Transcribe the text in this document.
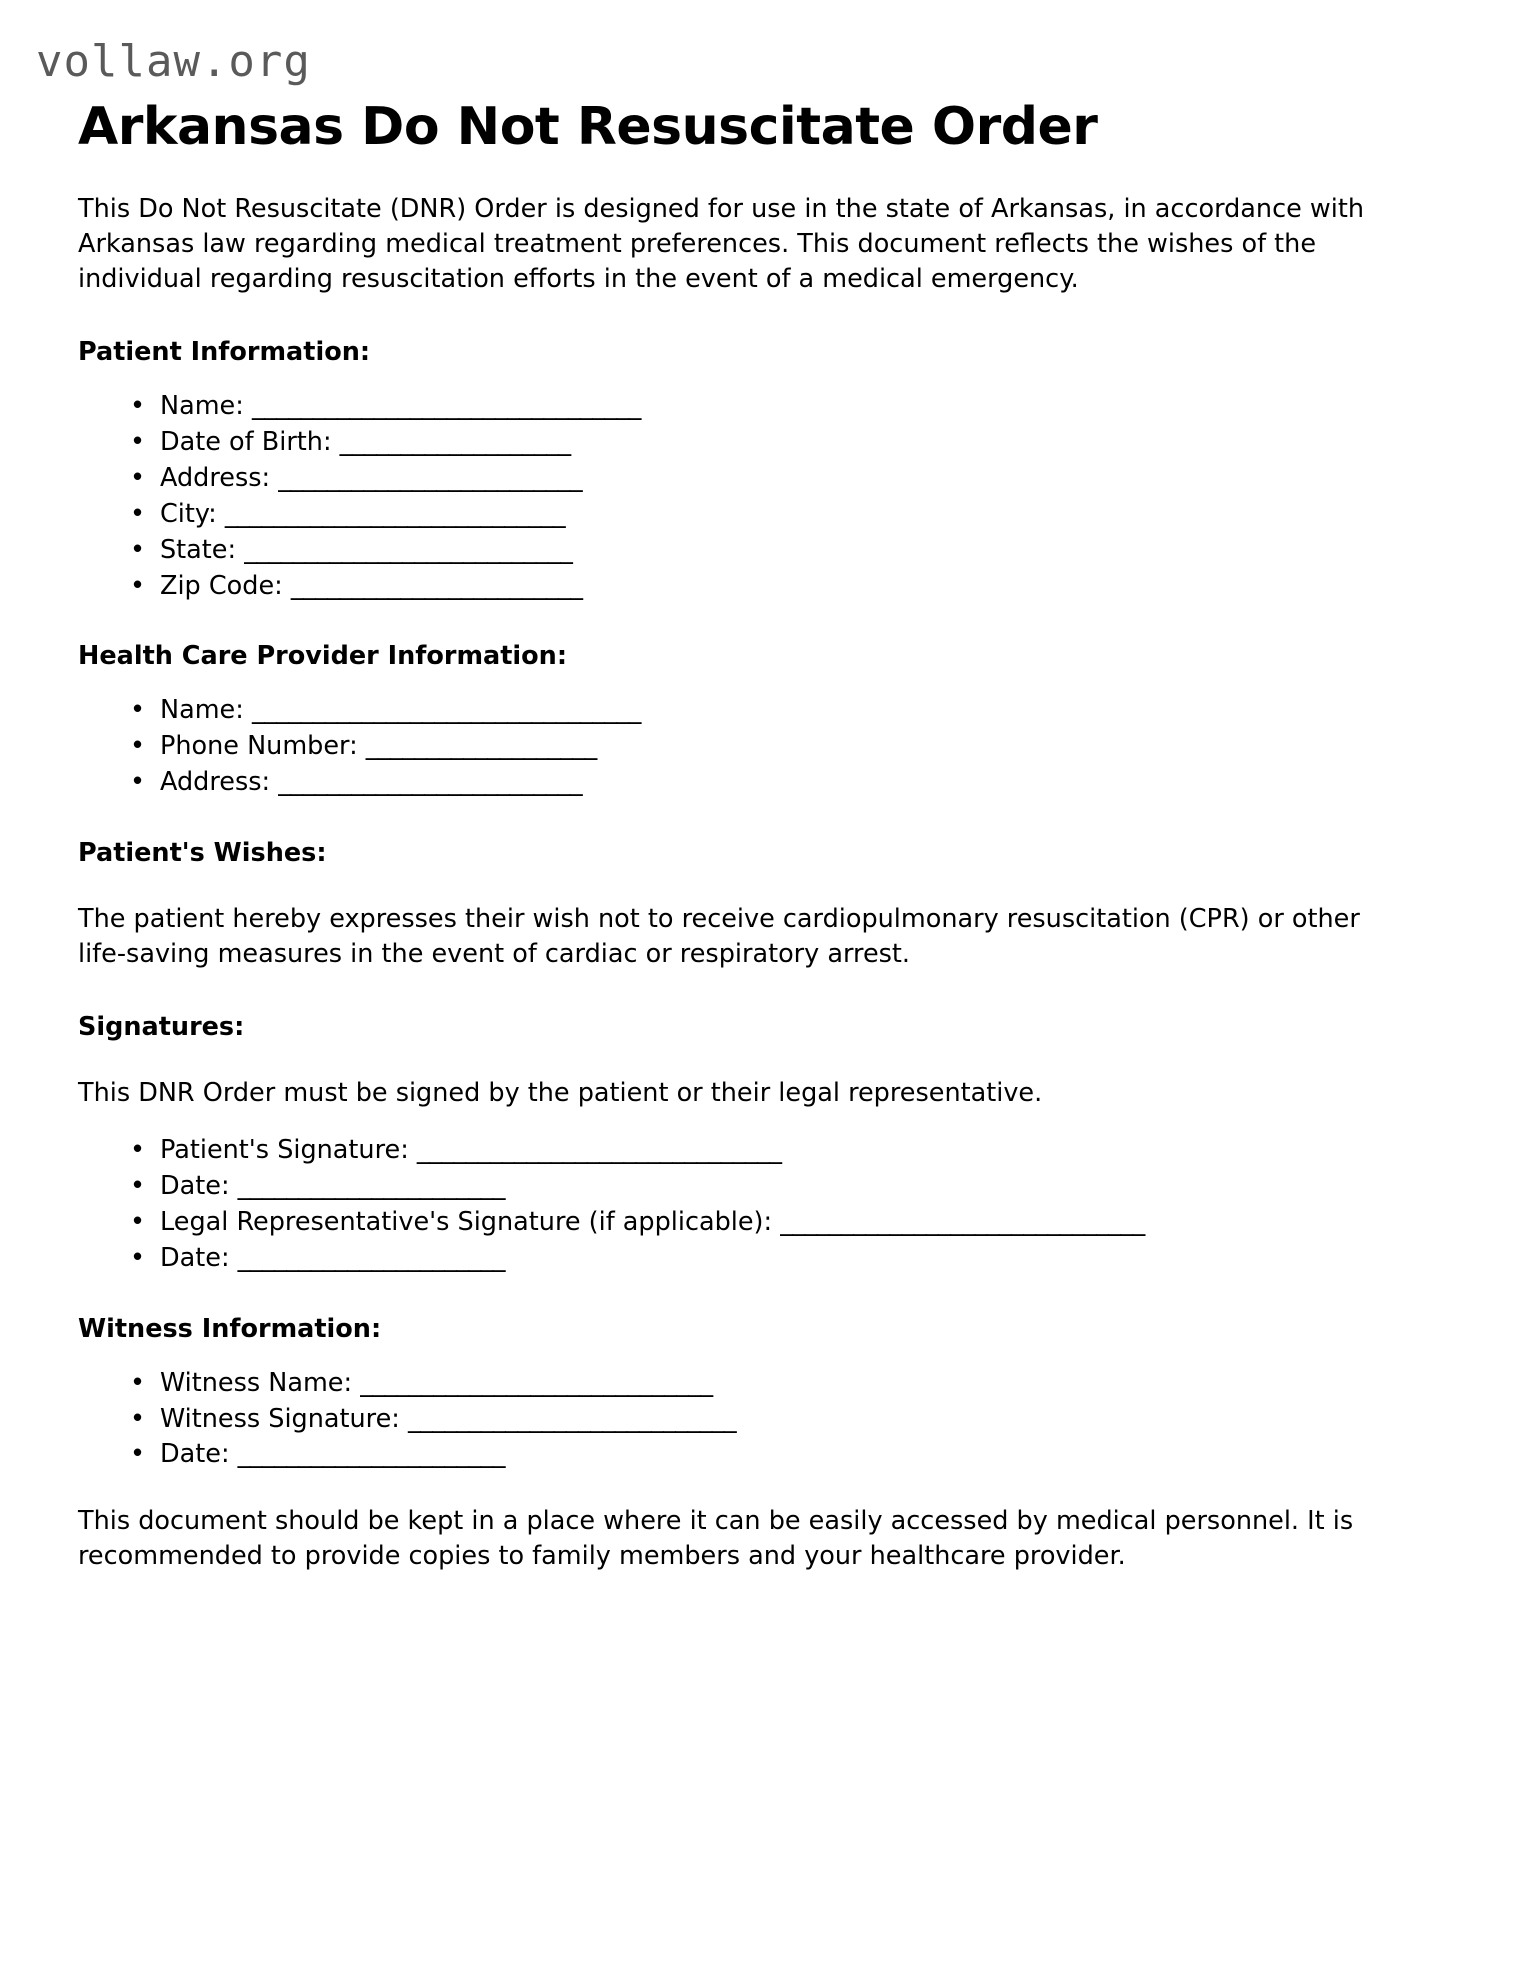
vollaw.org
Arkansas Do Not Resuscitate Order

This Do Not Resuscitate (DNR) Order is designed for use in the state of Arkansas, in accordance with Arkansas law regarding medical treatment preferences. This document reflects the wishes of the individual regarding resuscitation efforts in the event of a medical emergency.

Patient Information:
• Name: ________________________________
• Date of Birth: ___________________
• Address: _________________________
• City: ____________________________
• State: ___________________________
• Zip Code: ________________________
Health Care Provider Information:
• Name: ________________________________
• Phone Number: ___________________
• Address: _________________________
Patient's Wishes:

The patient hereby expresses their wish not to receive cardiopulmonary resuscitation (CPR) or other life-saving measures in the event of cardiac or respiratory arrest.

Signatures:

This DNR Order must be signed by the patient or their legal representative.

• Patient's Signature: ______________________________
• Date: ______________________
• Legal Representative's Signature (if applicable): ______________________________
• Date: ______________________
Witness Information:
• Witness Name: _____________________________
• Witness Signature: ___________________________
• Date: ______________________

This document should be kept in a place where it can be easily accessed by medical personnel. It is recommended to provide copies to family members and your healthcare provider.
